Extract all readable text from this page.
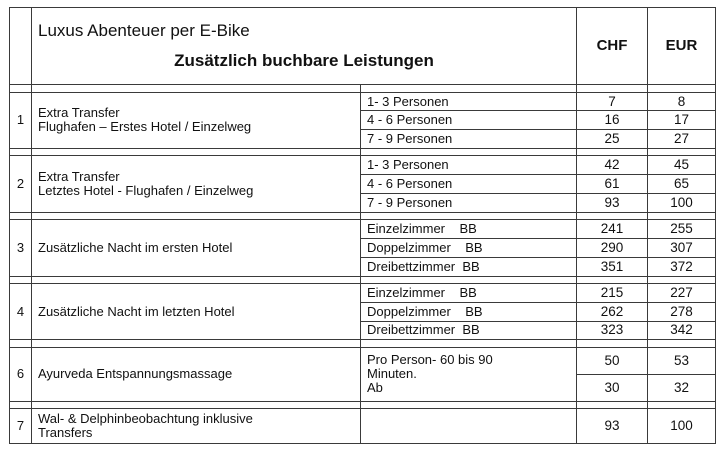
	Luxus Abenteuer per E-Bike
Zusätzlich buchbare Leistungen		CHF	EUR

1	Extra Transfer
Flughafen – Erstes Hotel / Einzelweg	1- 3 Personen	7	8
		4 - 6 Personen	16	17
		7 - 9 Personen	25	27

2	Extra Transfer
Letztes Hotel - Flughafen / Einzelweg	1- 3 Personen	42	45
		4 - 6 Personen	61	65
		7 - 9 Personen	93	100

3	Zusätzliche Nacht im ersten Hotel	Einzelzimmer    BB	241	255
		Doppelzimmer    BB	290	307
		Dreibettzimmer  BB	351	372

4	Zusätzliche Nacht im letzten Hotel	Einzelzimmer    BB	215	227
		Doppelzimmer    BB	262	278
		Dreibettzimmer  BB	323	342

6	Ayurveda Entspannungsmassage	Pro Person- 60 bis 90
Minuten.
Ab	50	53
			30	32

7	Wal- & Delphinbeobachtung inklusive
Transfers		93	100
